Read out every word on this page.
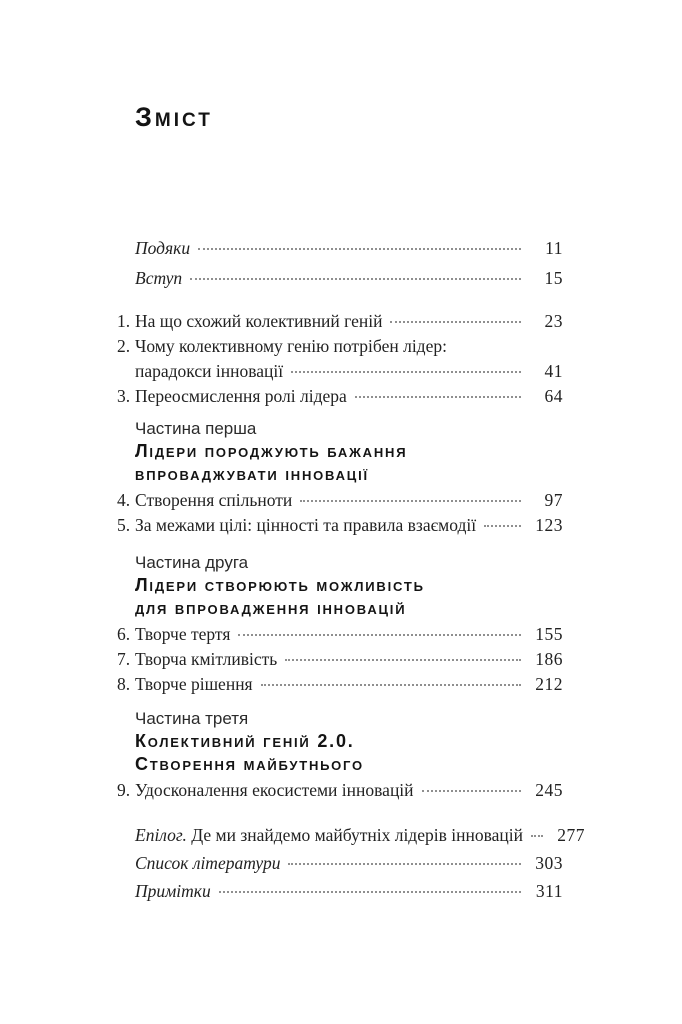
Зміст
Подяки	11
Вступ	15
1. На що схожий колективний геній	23
2. Чому колективному генію потрібен лідер:
парадокси інновації	41
3. Переосмислення ролі лідера	64
Частина перша
Лідери породжують бажання
впроваджувати інновації
4. Створення спільноти	97
5. За межами цілі: цінності та правила взаємодії	123
Частина друга
Лідери створюють можливість
для впровадження інновацій
6. Творче тертя	155
7. Творча кмітливість	186
8. Творче рішення	212
Частина третя
Колективний геній 2.0.
Створення майбутнього
9. Удосконалення екосистеми інновацій	245
Епілог. Де ми знайдемо майбутніх лідерів інновацій	277
Список літератури	303
Примітки	311
